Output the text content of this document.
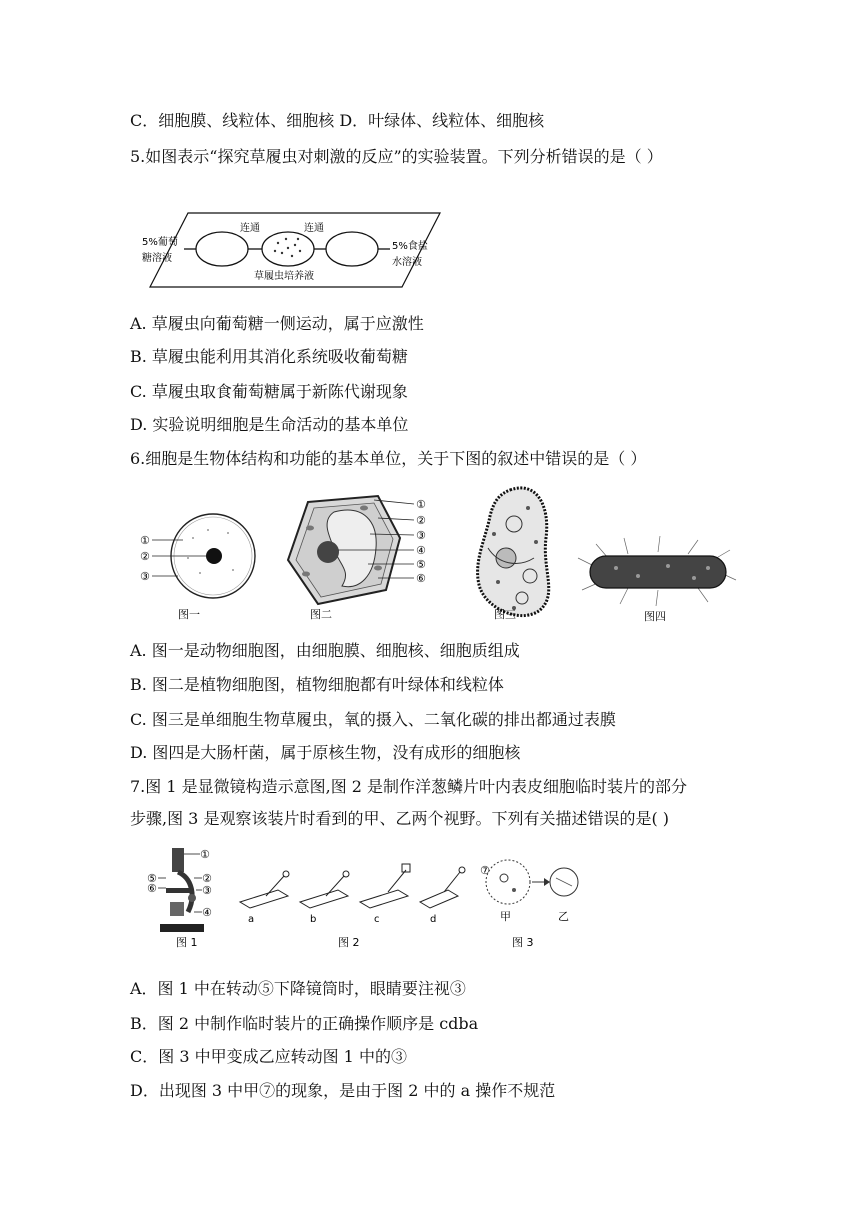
C．细胞膜、线粒体、细胞核 D．叶绿体、线粒体、细胞核
5.如图表示“探究草履虫对刺激的反应”的实验装置。下列分析错误的是（ ）
5%葡萄
糖溶液
连通	连通
5%食盐
水溶液
草履虫培养液
A. 草履虫向葡萄糖一侧运动，属于应激性
B. 草履虫能利用其消化系统吸收葡萄糖
C. 草履虫取食葡萄糖属于新陈代谢现象
D. 实验说明细胞是生命活动的基本单位
6.细胞是生物体结构和功能的基本单位，关于下图的叙述中错误的是（ ）
①
②
③
图一
①
②
③
④
⑤
⑥
图二	图三	图四
A. 图一是动物细胞图，由细胞膜、细胞核、细胞质组成
B. 图二是植物细胞图，植物细胞都有叶绿体和线粒体
C. 图三是单细胞生物草履虫，氧的摄入、二氧化碳的排出都通过表膜
D. 图四是大肠杆菌，属于原核生物，没有成形的细胞核
7.图 1 是显微镜构造示意图,图 2 是制作洋葱鳞片叶内表皮细胞临时装片的部分
步骤,图 3 是观察该装片时看到的甲、乙两个视野。下列有关描述错误的是( )
①
②
③
④
⑤
⑥
图 1
a	b	c	d
图 2
⑦
甲	乙
图 3
A．图 1 中在转动⑤下降镜筒时，眼睛要注视③
B．图 2 中制作临时装片的正确操作顺序是 cdba
C．图 3 中甲变成乙应转动图 1 中的③
D．出现图 3 中甲⑦的现象，是由于图 2 中的 a 操作不规范
